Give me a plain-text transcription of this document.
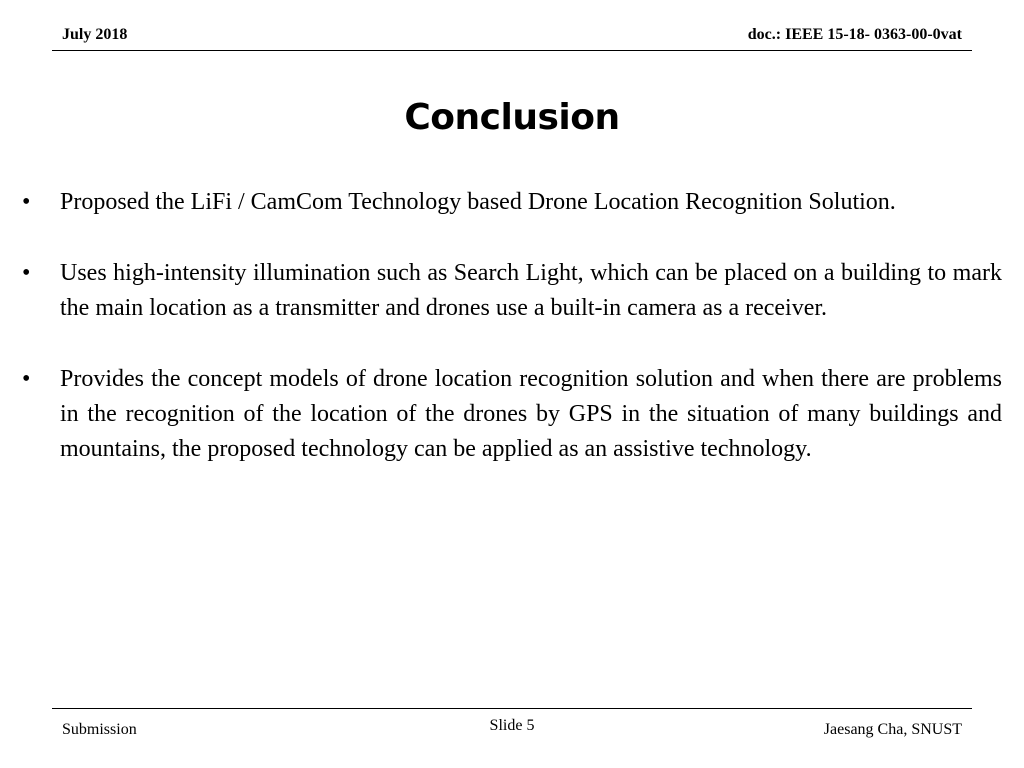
July 2018	doc.: IEEE 15-18- 0363-00-0vat
Conclusion
•	Proposed the LiFi / CamCom Technology based Drone Location Recognition Solution.
•	Uses high-intensity illumination such as Search Light, which can be placed on a building to mark the main location as a transmitter and drones use a built-in camera as a receiver.
•	Provides the concept models of drone location recognition solution and when there are problems in the recognition of the location of the drones by GPS in the situation of many buildings and mountains, the proposed technology can be applied as an assistive technology.
Submission	Slide 5	Jaesang Cha, SNUST
